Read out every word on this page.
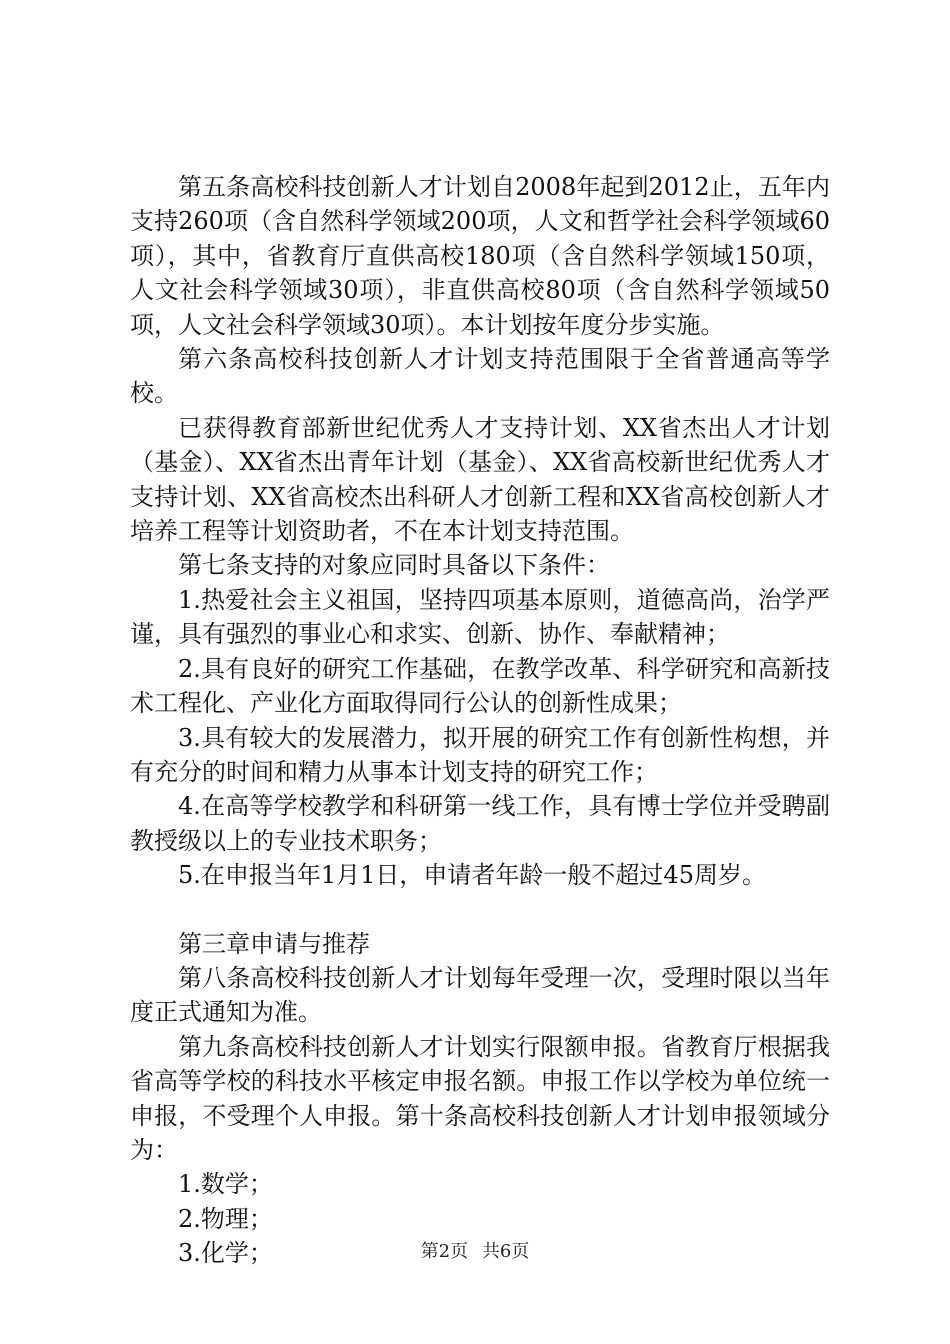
第五条高校科技创新人才计划自2008年起到2012止，五年内支持260项（含自然科学领域200项，人文和哲学社会科学领域60项），其中，省教育厅直供高校180项（含自然科学领域150项，人文社会科学领域30项），非直供高校80项（含自然科学领域50项，人文社会科学领域30项）。本计划按年度分步实施。

第六条高校科技创新人才计划支持范围限于全省普通高等学校。

已获得教育部新世纪优秀人才支持计划、XX省杰出人才计划（基金）、XX省杰出青年计划（基金）、XX省高校新世纪优秀人才支持计划、XX省高校杰出科研人才创新工程和XX省高校创新人才培养工程等计划资助者，不在本计划支持范围。

第七条支持的对象应同时具备以下条件：

1.热爱社会主义祖国，坚持四项基本原则，道德高尚，治学严谨，具有强烈的事业心和求实、创新、协作、奉献精神；

2.具有良好的研究工作基础，在教学改革、科学研究和高新技术工程化、产业化方面取得同行公认的创新性成果；

3.具有较大的发展潜力，拟开展的研究工作有创新性构想，并有充分的时间和精力从事本计划支持的研究工作；

4.在高等学校教学和科研第一线工作，具有博士学位并受聘副教授级以上的专业技术职务；

5.在申报当年1月1日，申请者年龄一般不超过45周岁。

第三章申请与推荐

第八条高校科技创新人才计划每年受理一次，受理时限以当年度正式通知为准。

第九条高校科技创新人才计划实行限额申报。省教育厅根据我省高等学校的科技水平核定申报名额。申报工作以学校为单位统一申报，不受理个人申报。第十条高校科技创新人才计划申报领域分为：

1.数学；

2.物理；

3.化学；	第2页 共6页
